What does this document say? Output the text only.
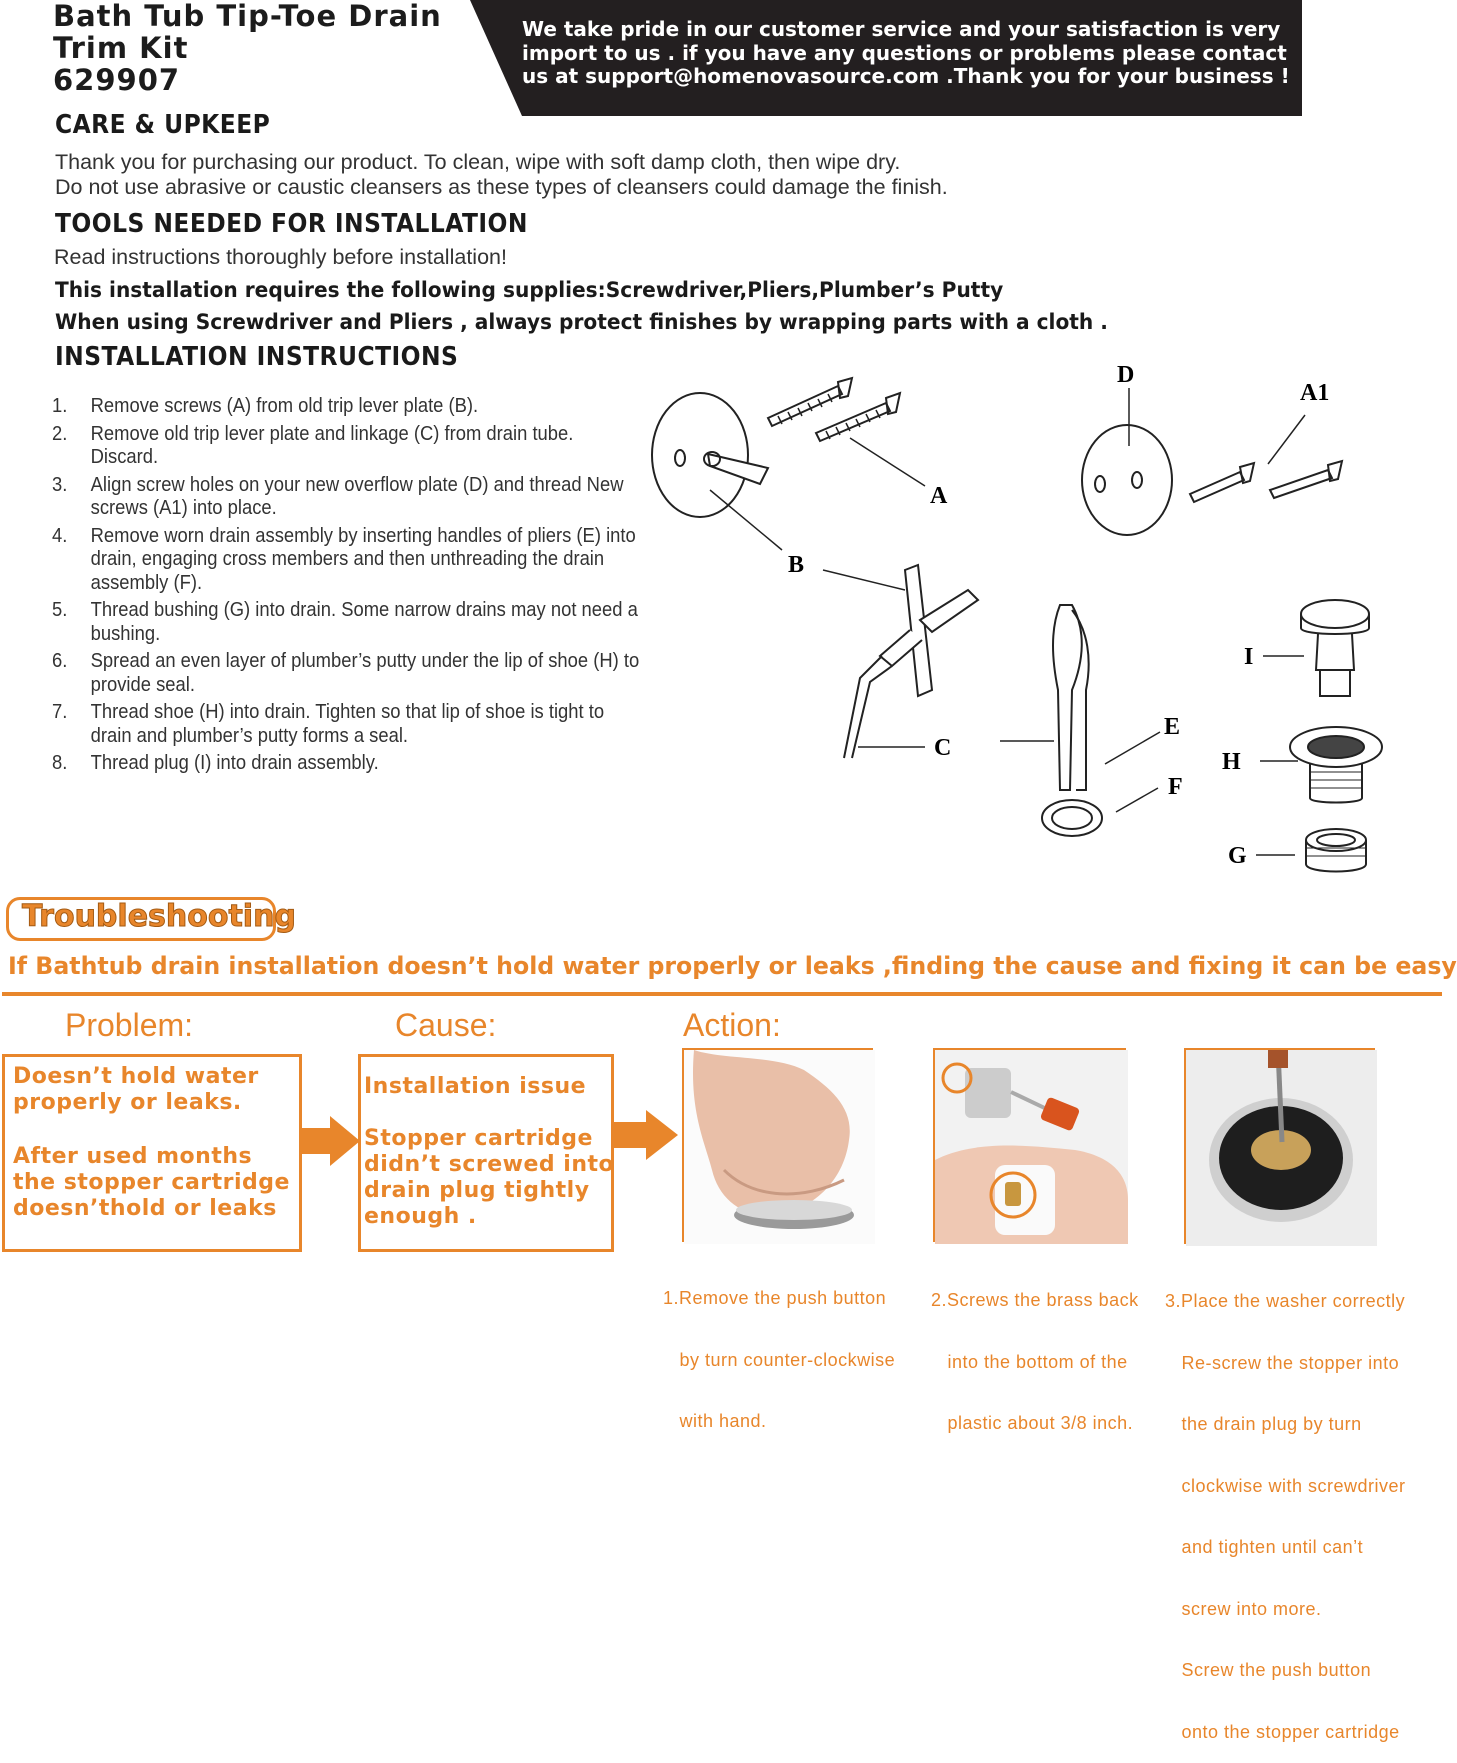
Bath Tub Tip-Toe Drain
Trim Kit
629907
We take pride in our customer service and your satisfaction is very
import to us . if you have any questions or problems please contact
us at support@homenovasource.com .Thank you for your business !
CARE & UPKEEP
Thank you for purchasing our product. To clean, wipe with soft damp cloth, then wipe dry.
Do not use abrasive or caustic cleansers as these types of cleansers could damage the finish.
TOOLS NEEDED FOR INSTALLATION
Read instructions thoroughly before installation!
This installation requires the following supplies:Screwdriver,Pliers,Plumber’s Putty
When using Screwdriver and Pliers , always protect finishes by wrapping parts with a cloth .
INSTALLATION INSTRUCTIONS
1. Remove screws (A) from old trip lever plate (B).
2. Remove old trip lever plate and linkage (C) from drain tube. Discard.
3. Align screw holes on your new overflow plate (D) and thread New screws (A1) into place.
4. Remove worn drain assembly by inserting handles of pliers (E) into drain, engaging cross members and then unthreading the drain assembly (F).
5. Thread bushing (G) into drain. Some narrow drains may not need a bushing.
6. Spread an even layer of plumber’s putty under the lip of shoe (H) to provide seal.
7. Thread shoe (H) into drain. Tighten so that lip of shoe is tight to drain and plumber’s putty forms a seal.
8. Thread plug (I) into drain assembly.
D
A1
A
B
C
E
F
I
H
G
Troubleshooting
If Bathtub drain installation doesn’t hold water properly or leaks ,finding the cause and fixing it can be easy
Problem:	Cause:	Action:
Doesn’t hold water
properly or leaks.
After used months
the stopper cartridge
doesn’thold or leaks
Installation issue
Stopper cartridge
didn’t screwed into
drain plug tightly
enough .

1.Remove the push button

by turn counter-clockwise

with hand.

2.Screws the brass back

into the bottom of the

plastic about 3/8 inch.

3.Place the washer correctly

Re-screw the stopper into

the drain plug by turn

clockwise with screwdriver

and tighten until can’t

screw into more.

Screw the push button

onto the stopper cartridge
